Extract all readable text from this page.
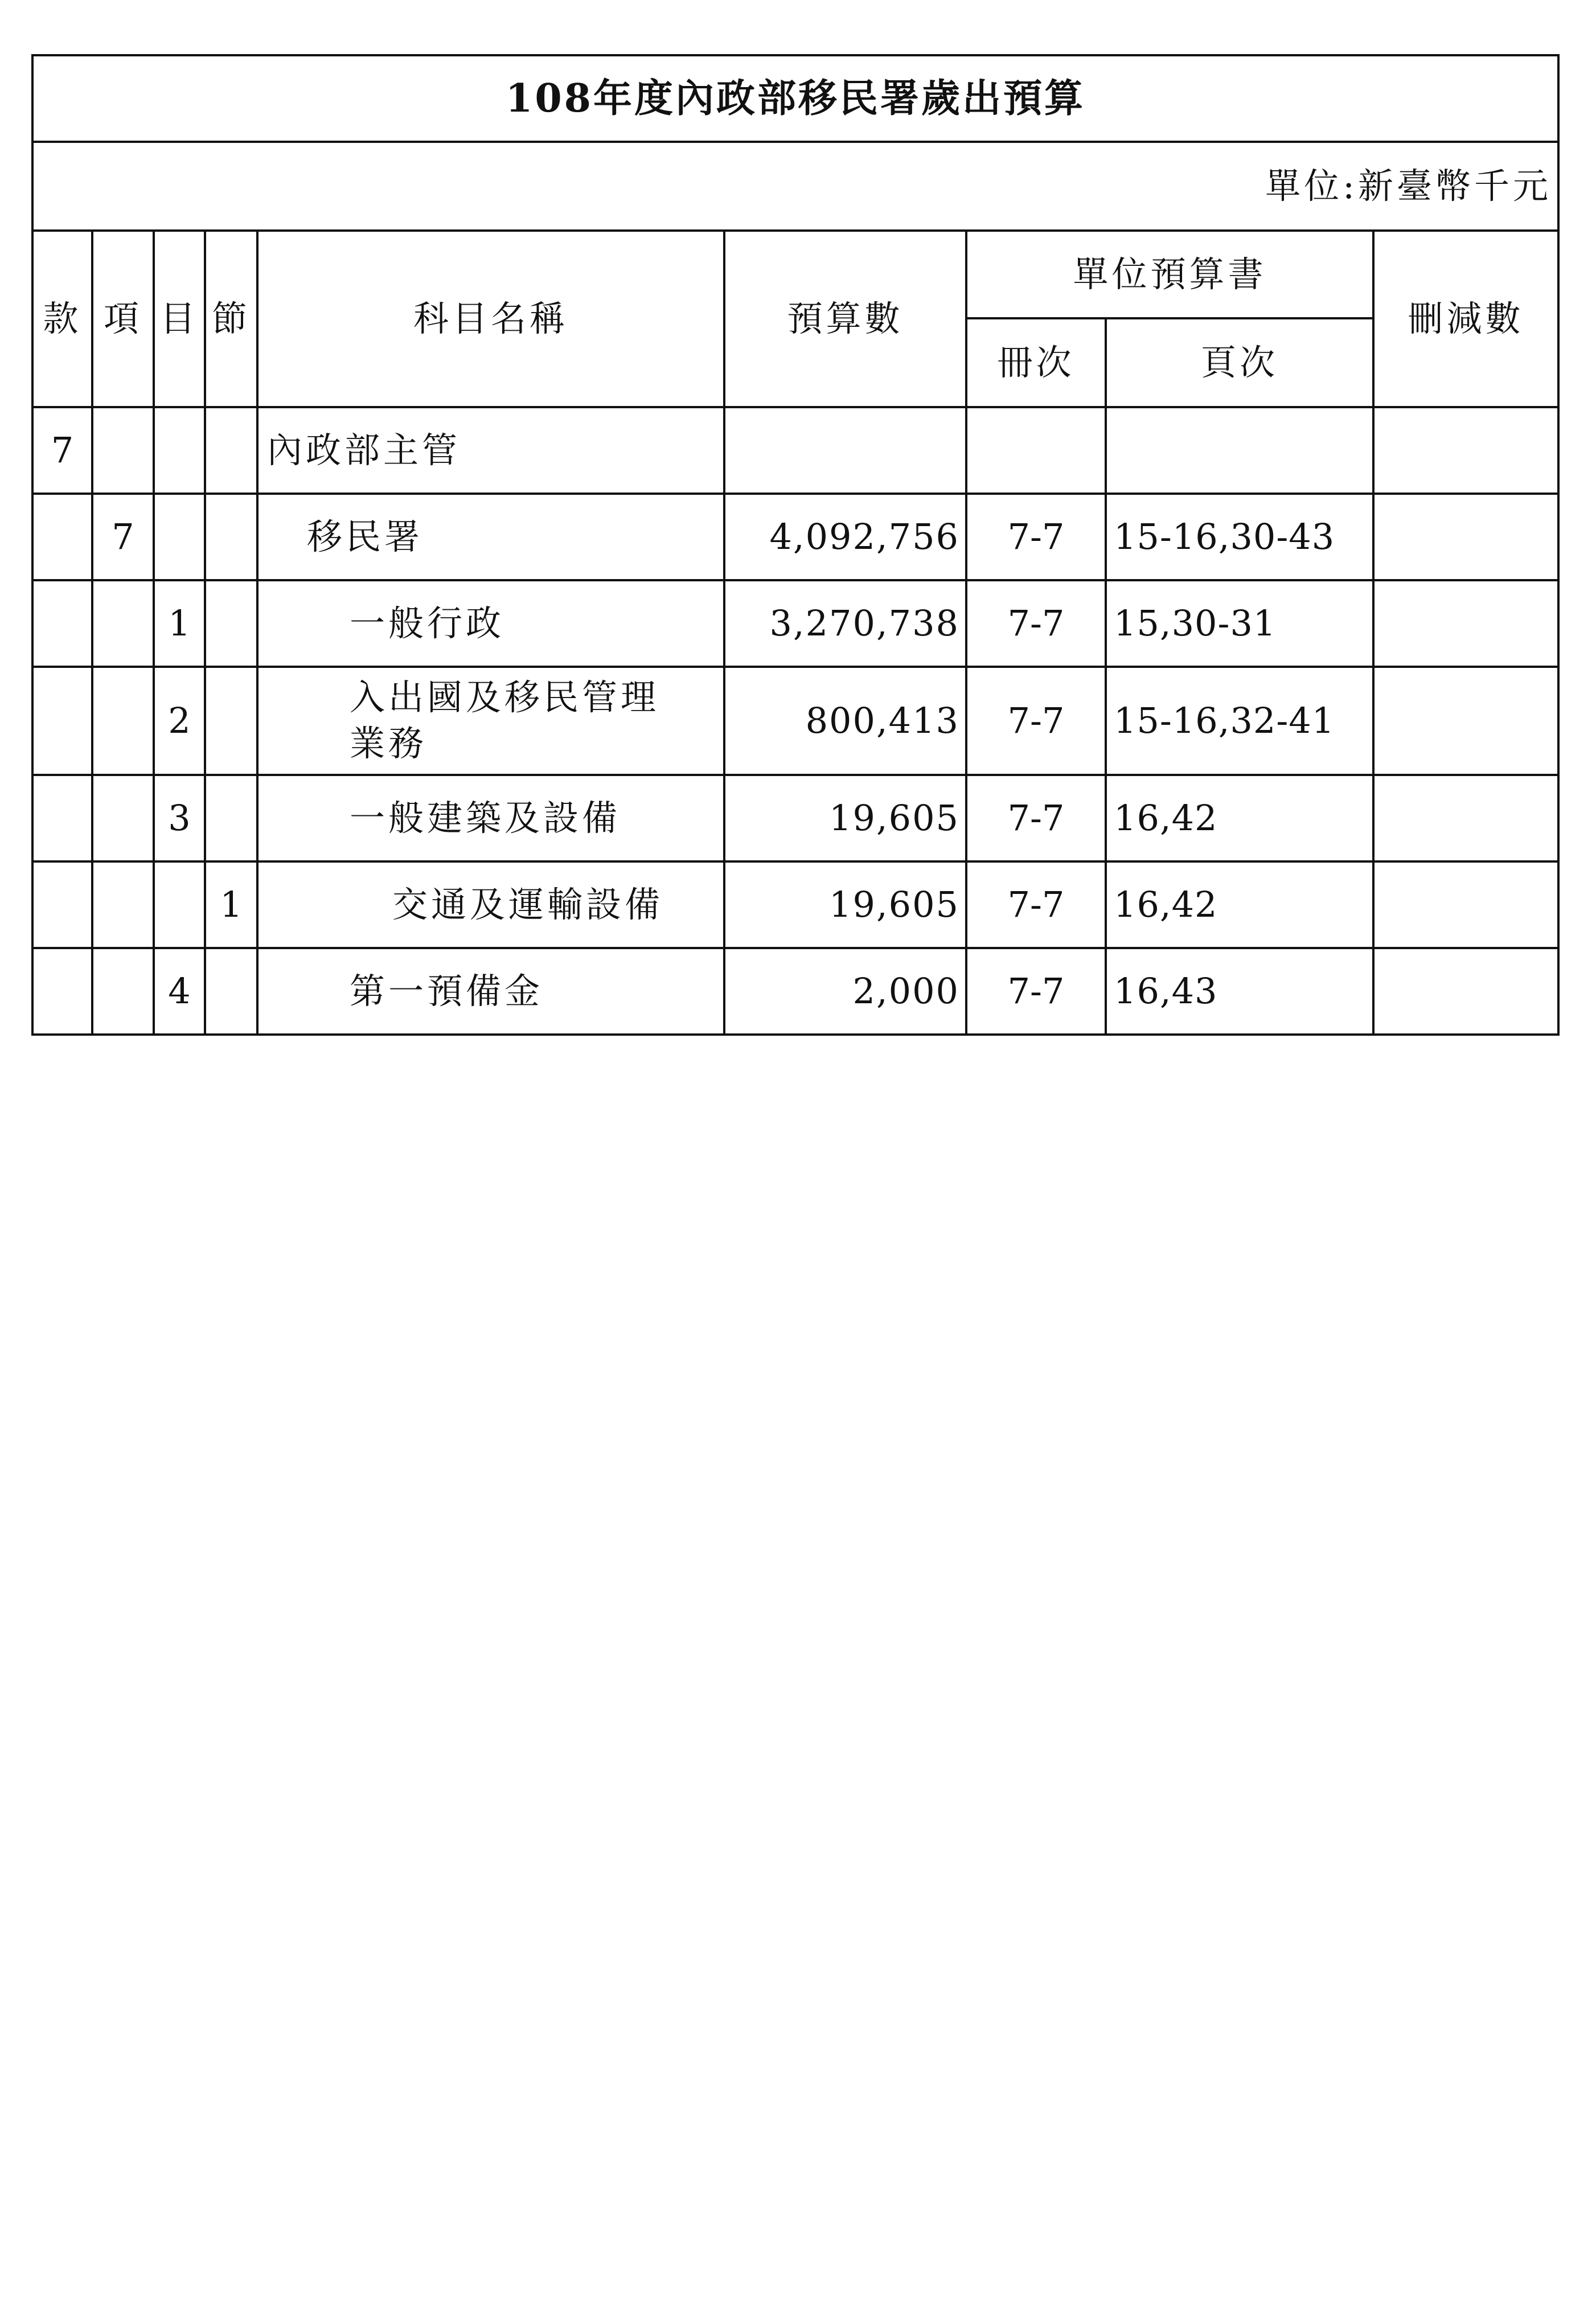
108年度內政部移民署歲出預算								
單位:新臺幣千元								
款	項	目	節	科目名稱	預算數	單位預算書		刪減數
						冊次	頁次	
7				內政部主管				
	7			移民署	4,092,756	7-7	15-16,30-43	
		1		一般行政	3,270,738	7-7	15,30-31	
		2		入出國及移民管理業務	800,413	7-7	15-16,32-41	
		3		一般建築及設備	19,605	7-7	16,42	
			1	交通及運輸設備	19,605	7-7	16,42	
		4		第一預備金	2,000	7-7	16,43	
